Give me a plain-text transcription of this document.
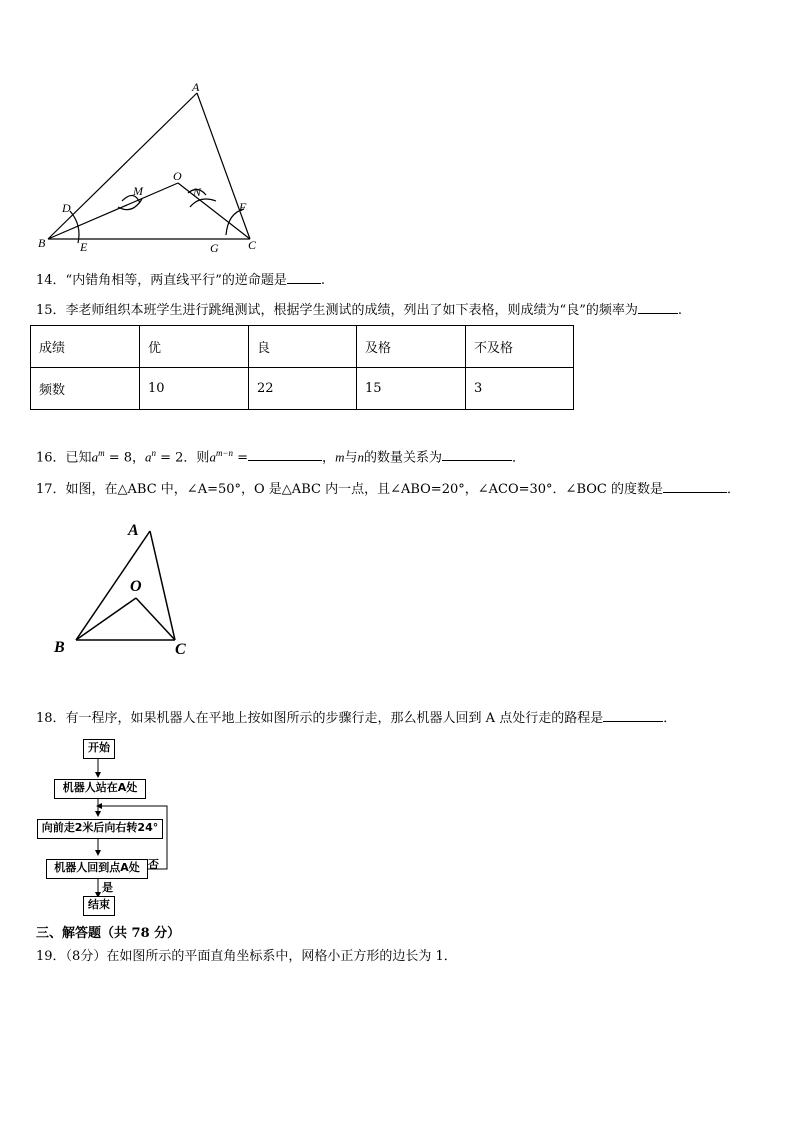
A
B	C
D
E
F
G
O
M	N
14．“内错角相等，两直线平行”的逆命题是	.
15．李老师组织本班学生进行跳绳测试，根据学生测试的成绩，列出了如下表格，则成绩为“良”的频率为	.
成绩	优	良	及格	不及格
频数	10	22	15	3
16．已知$a^m = 8$，$a^n = 2$．则$a^{m-n}$ =	，m与n的数量关系为	．
17．如图，在△ABC 中，∠A=50°，O 是△ABC 内一点，且∠ABO=20°，∠ACO=30°．∠BOC 的度数是	．
A
O
B	C
18．有一程序，如果机器人在平地上按如图所示的步骤行走，那么机器人回到 A 点处行走的路程是	．
开始
机器人站在A处
向前走2米后向右转24°
机器人回到点A处
结束
否
是
三、解答题（共 78 分）
19．（8分）在如图所示的平面直角坐标系中，网格小正方形的边长为 1．
